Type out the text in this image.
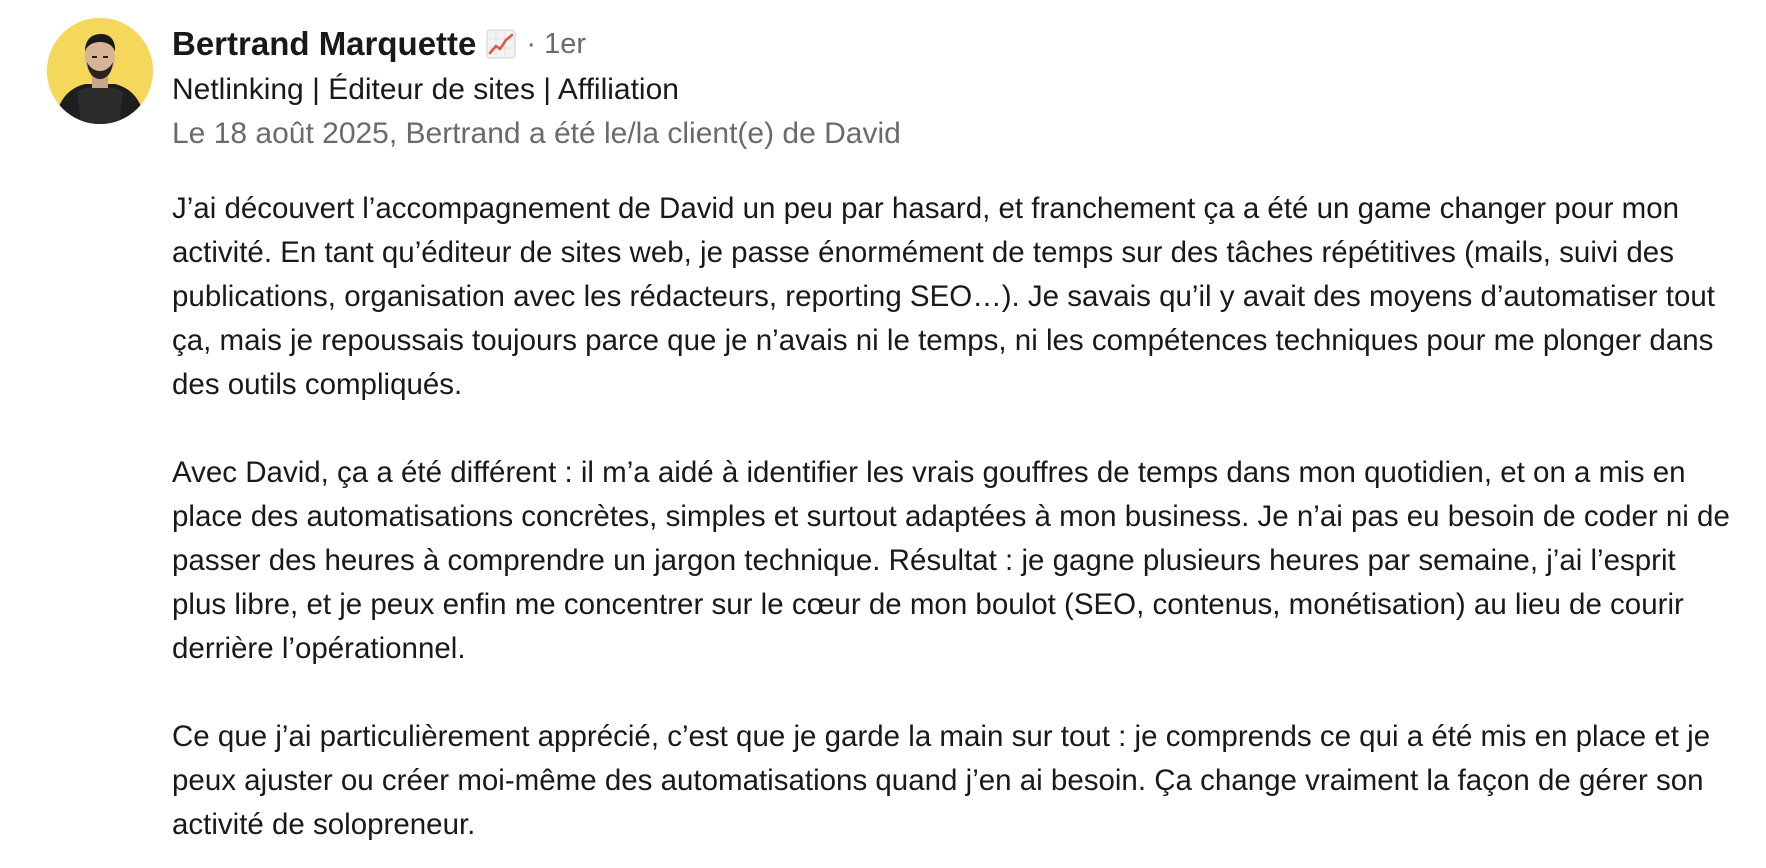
Bertrand Marquette · 1er
Netlinking | Éditeur de sites | Affiliation
Le 18 août 2025, Bertrand a été le/la client(e) de David

J’ai découvert l’accompagnement de David un peu par hasard, et franchement ça a été un game changer pour mon activité. En tant qu’éditeur de sites web, je passe énormément de temps sur des tâches répétitives (mails, suivi des publications, organisation avec les rédacteurs, reporting SEO…). Je savais qu’il y avait des moyens d’automatiser tout ça, mais je repoussais toujours parce que je n’avais ni le temps, ni les compétences techniques pour me plonger dans des outils compliqués.

Avec David, ça a été différent : il m’a aidé à identifier les vrais gouffres de temps dans mon quotidien, et on a mis en place des automatisations concrètes, simples et surtout adaptées à mon business. Je n’ai pas eu besoin de coder ni de passer des heures à comprendre un jargon technique. Résultat : je gagne plusieurs heures par semaine, j’ai l’esprit plus libre, et je peux enfin me concentrer sur le cœur de mon boulot (SEO, contenus, monétisation) au lieu de courir derrière l’opérationnel.

Ce que j’ai particulièrement apprécié, c’est que je garde la main sur tout : je comprends ce qui a été mis en place et je peux ajuster ou créer moi-même des automatisations quand j’en ai besoin. Ça change vraiment la façon de gérer son activité de solopreneur.
